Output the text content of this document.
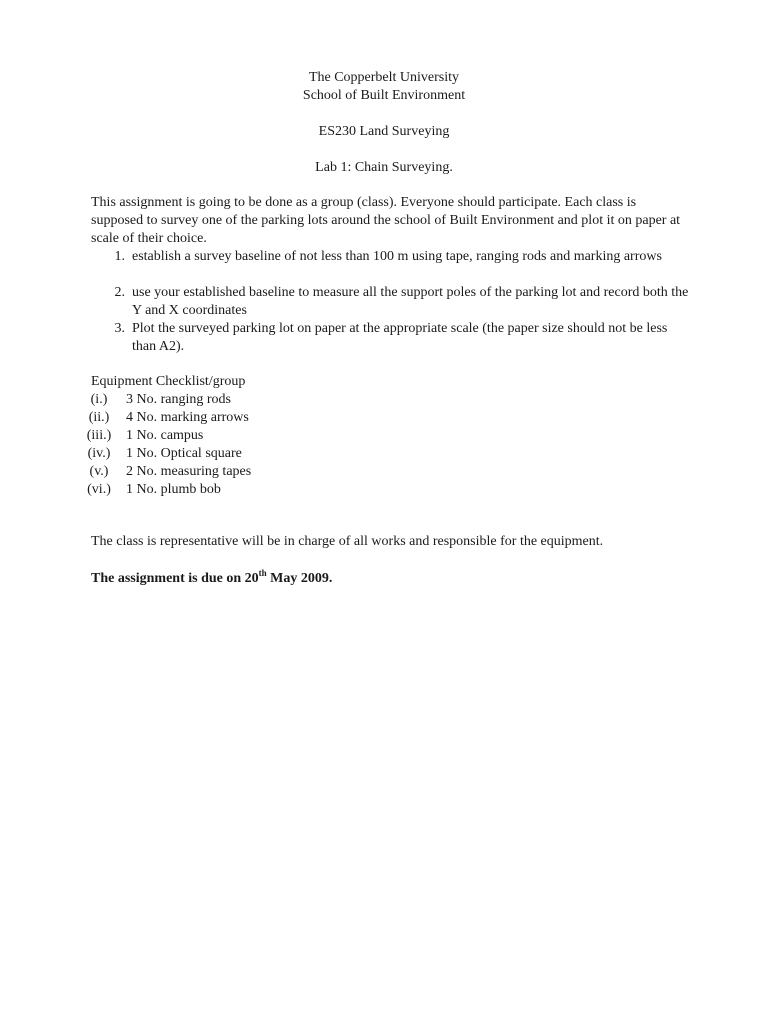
The Copperbelt University
School of Built Environment
ES230 Land Surveying
Lab 1: Chain Surveying.
This assignment is going to be done as a group (class). Everyone should participate. Each class is supposed to survey one of the parking lots around the school of Built Environment and plot it on paper at scale of their choice.
1. establish a survey baseline of not less than 100 m using tape, ranging rods and marking arrows
2. use your established baseline to measure all the support poles of the parking lot and record both the Y and X coordinates
3. Plot the surveyed parking lot on paper at the appropriate scale (the paper size should not be less than A2).
Equipment Checklist/group
(i.)	3 No. ranging rods
(ii.)	4 No. marking arrows
(iii.) 1 No. campus
(iv.) 1 No. Optical square
(v.)	2 No. measuring tapes
(vi.) 1 No. plumb bob
The class is representative will be in charge of all works and responsible for the equipment.
The assignment is due on 20th May 2009.
